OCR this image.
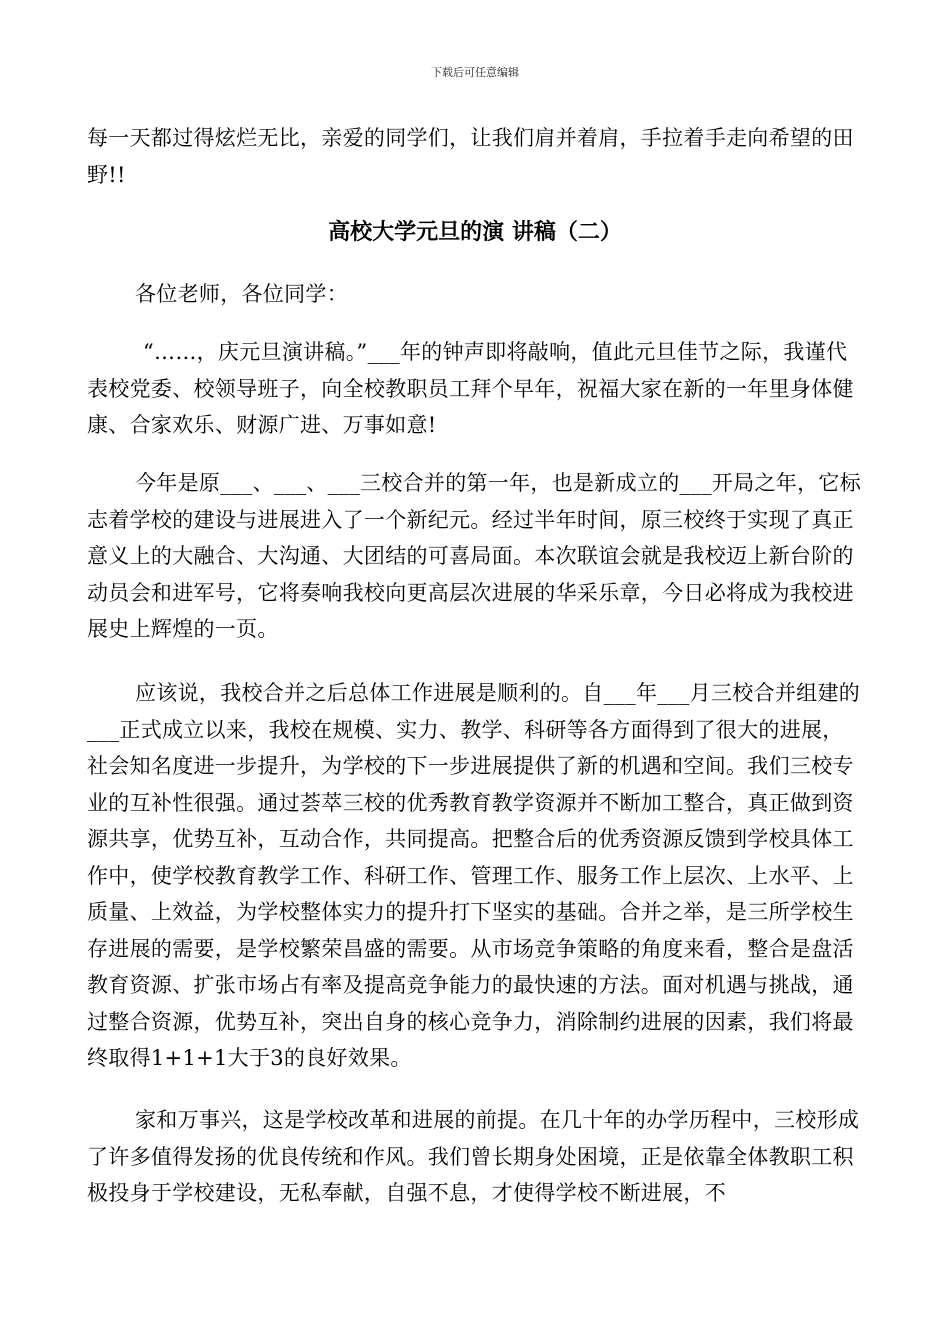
下载后可任意编辑

每一天都过得炫烂无比，亲爱的同学们，让我们肩并着肩，手拉着手走向希望的田野!!

高校大学元旦的演 讲稿（二）

各位老师，各位同学：

“……，庆元旦演讲稿。”___年的钟声即将敲响，值此元旦佳节之际，我谨代表校党委、校领导班子，向全校教职员工拜个早年，祝福大家在新的一年里身体健康、合家欢乐、财源广进、万事如意!

今年是原___、___、___三校合并的第一年，也是新成立的___开局之年，它标志着学校的建设与进展进入了一个新纪元。经过半年时间，原三校终于实现了真正意义上的大融合、大沟通、大团结的可喜局面。本次联谊会就是我校迈上新台阶的动员会和进军号，它将奏响我校向更高层次进展的华采乐章，今日必将成为我校进展史上辉煌的一页。

应该说，我校合并之后总体工作进展是顺利的。自___年___月三校合并组建的___正式成立以来，我校在规模、实力、教学、科研等各方面得到了很大的进展，社会知名度进一步提升，为学校的下一步进展提供了新的机遇和空间。我们三校专业的互补性很强。通过荟萃三校的优秀教育教学资源并不断加工整合，真正做到资源共享，优势互补，互动合作，共同提高。把整合后的优秀资源反馈到学校具体工作中，使学校教育教学工作、科研工作、管理工作、服务工作上层次、上水平、上质量、上效益，为学校整体实力的提升打下坚实的基础。合并之举，是三所学校生存进展的需要，是学校繁荣昌盛的需要。从市场竞争策略的角度来看，整合是盘活教育资源、扩张市场占有率及提高竞争能力的最快速的方法。面对机遇与挑战，通过整合资源，优势互补，突出自身的核心竞争力，消除制约进展的因素，我们将最终取得1+1+1大于3的良好效果。

家和万事兴，这是学校改革和进展的前提。在几十年的办学历程中，三校形成了许多值得发扬的优良传统和作风。我们曾长期身处困境，正是依靠全体教职工积极投身于学校建设，无私奉献，自强不息，才使得学校不断进展，不
